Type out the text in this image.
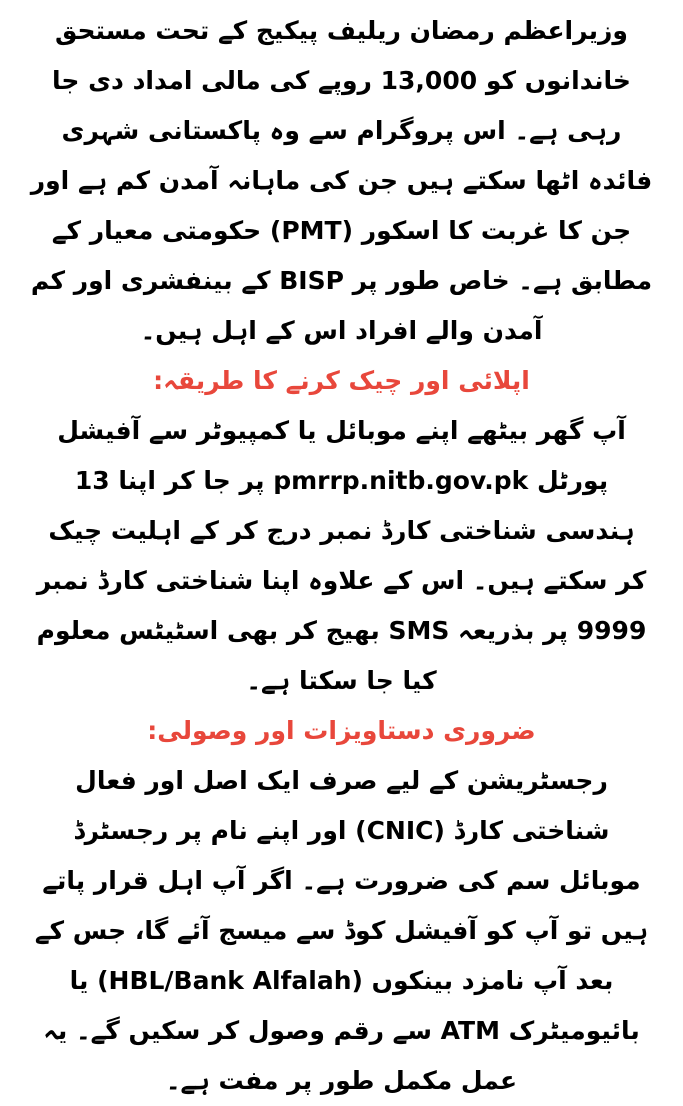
وزیراعظم رمضان ریلیف پیکیج کے تحت مستحق خاندانوں کو 13,000 روپے کی مالی امداد دی جا رہی ہے۔ اس پروگرام سے وہ پاکستانی شہری فائدہ اٹھا سکتے ہیں جن کی ماہانہ آمدن کم ہے اور جن کا غربت کا اسکور (PMT) حکومتی معیار کے مطابق ہے۔ خاص طور پر BISP کے بینفشری اور کم آمدن والے افراد اس کے اہل ہیں۔

اپلائی اور چیک کرنے کا طریقہ:

آپ گھر بیٹھے اپنے موبائل یا کمپیوٹر سے آفیشل پورٹل pmrrp.nitb.gov.pk پر جا کر اپنا 13 ہندسی شناختی کارڈ نمبر درج کر کے اہلیت چیک کر سکتے ہیں۔ اس کے علاوہ اپنا شناختی کارڈ نمبر 9999 پر بذریعہ SMS بھیج کر بھی اسٹیٹس معلوم کیا جا سکتا ہے۔

ضروری دستاویزات اور وصولی:

رجسٹریشن کے لیے صرف ایک اصل اور فعال شناختی کارڈ (CNIC) اور اپنے نام پر رجسٹرڈ موبائل سم کی ضرورت ہے۔ اگر آپ اہل قرار پاتے ہیں تو آپ کو آفیشل کوڈ سے میسج آئے گا، جس کے بعد آپ نامزد بینکوں (HBL/Bank Alfalah) یا بائیومیٹرک ATM سے رقم وصول کر سکیں گے۔ یہ عمل مکمل طور پر مفت ہے۔
